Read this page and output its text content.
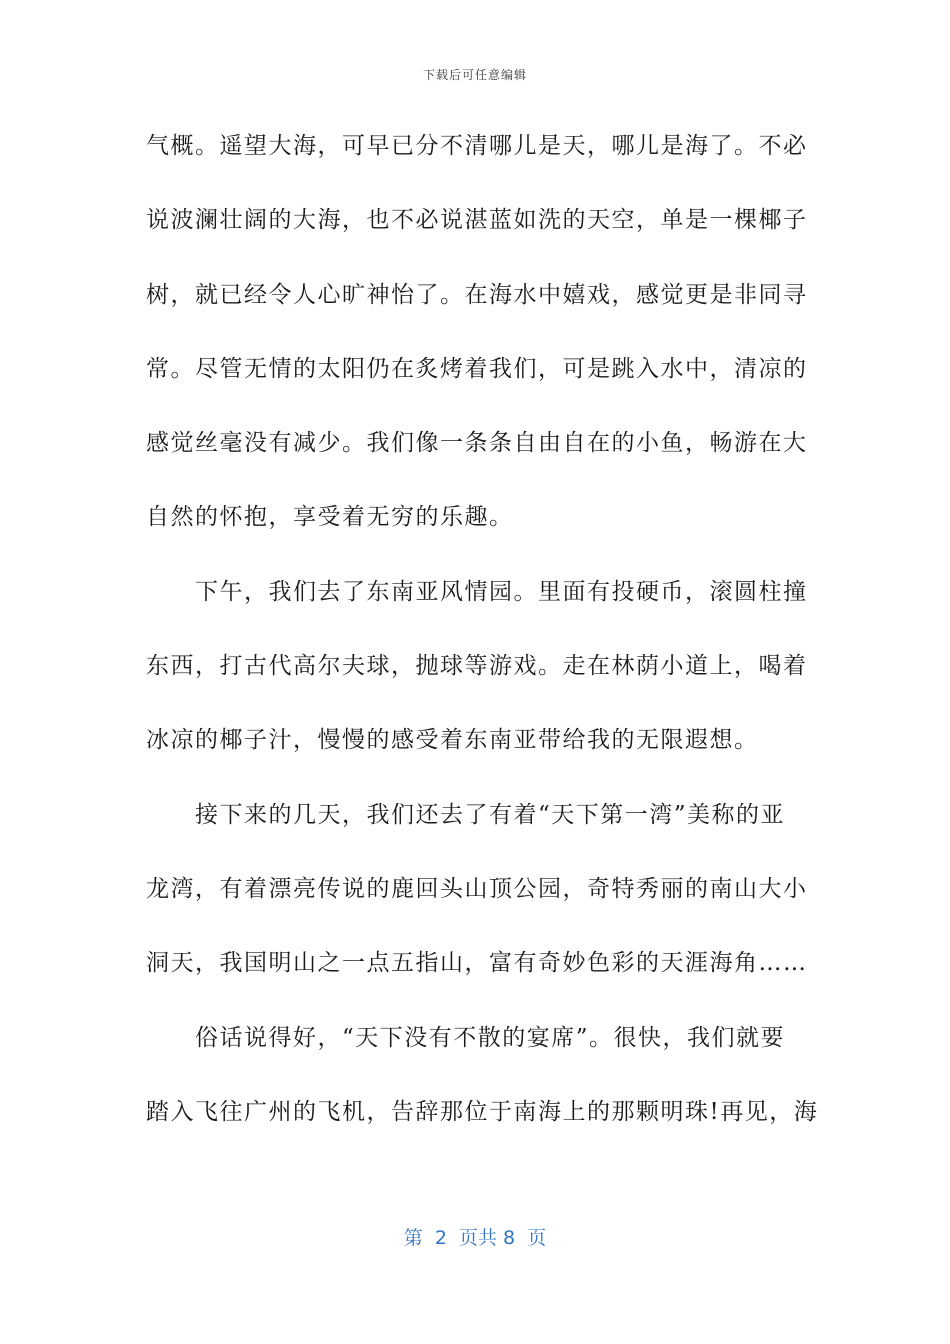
下载后可任意编辑
气概。遥望大海，可早已分不清哪儿是天，哪儿是海了。不必
说波澜壮阔的大海，也不必说湛蓝如洗的天空，单是一棵椰子
树，就已经令人心旷神怡了。在海水中嬉戏，感觉更是非同寻
常。尽管无情的太阳仍在炙烤着我们，可是跳入水中，清凉的
感觉丝毫没有减少。我们像一条条自由自在的小鱼，畅游在大
自然的怀抱，享受着无穷的乐趣。
下午，我们去了东南亚风情园。里面有投硬币，滚圆柱撞
东西，打古代高尔夫球，抛球等游戏。走在林荫小道上，喝着
冰凉的椰子汁，慢慢的感受着东南亚带给我的无限遐想。
接下来的几天，我们还去了有着“天下第一湾”美称的亚
龙湾，有着漂亮传说的鹿回头山顶公园，奇特秀丽的南山大小
洞天，我国明山之一点五指山，富有奇妙色彩的天涯海角……
俗话说得好，“天下没有不散的宴席”。很快，我们就要
踏入飞往广州的飞机，告辞那位于南海上的那颗明珠!再见，海
第  2  页共 8  页
